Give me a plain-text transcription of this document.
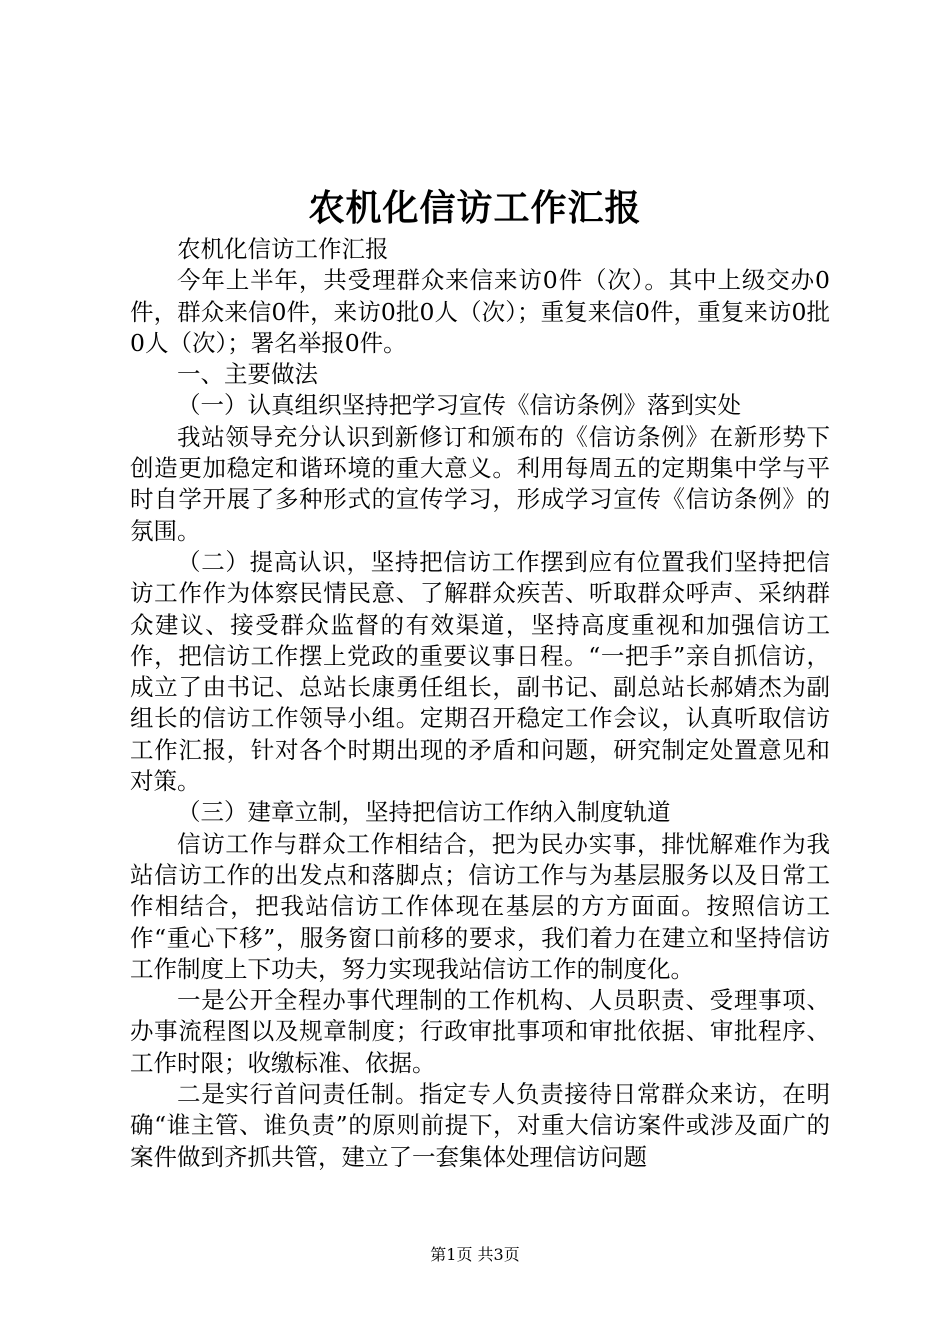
农机化信访工作汇报

农机化信访工作汇报

今年上半年，共受理群众来信来访0件（次）。其中上级交办0件，群众来信0件，来访0批0人（次）；重复来信0件，重复来访0批0人（次）；署名举报0件。

一、主要做法

（一）认真组织坚持把学习宣传《信访条例》落到实处

我站领导充分认识到新修订和颁布的《信访条例》在新形势下创造更加稳定和谐环境的重大意义。利用每周五的定期集中学与平时自学开展了多种形式的宣传学习，形成学习宣传《信访条例》的氛围。

（二）提高认识，坚持把信访工作摆到应有位置我们坚持把信访工作作为体察民情民意、了解群众疾苦、听取群众呼声、采纳群众建议、接受群众监督的有效渠道，坚持高度重视和加强信访工作，把信访工作摆上党政的重要议事日程。“一把手”亲自抓信访，成立了由书记、总站长康勇任组长，副书记、副总站长郝婧杰为副组长的信访工作领导小组。定期召开稳定工作会议，认真听取信访工作汇报，针对各个时期出现的矛盾和问题，研究制定处置意见和对策。

（三）建章立制，坚持把信访工作纳入制度轨道

信访工作与群众工作相结合，把为民办实事，排忧解难作为我站信访工作的出发点和落脚点；信访工作与为基层服务以及日常工作相结合，把我站信访工作体现在基层的方方面面。按照信访工作“重心下移”，服务窗口前移的要求，我们着力在建立和坚持信访工作制度上下功夫，努力实现我站信访工作的制度化。

一是公开全程办事代理制的工作机构、人员职责、受理事项、办事流程图以及规章制度；行政审批事项和审批依据、审批程序、工作时限；收缴标准、依据。

二是实行首问责任制。指定专人负责接待日常群众来访，在明确“谁主管、谁负责”的原则前提下，对重大信访案件或涉及面广的案件做到齐抓共管，建立了一套集体处理信访问题

第1页 共3页
